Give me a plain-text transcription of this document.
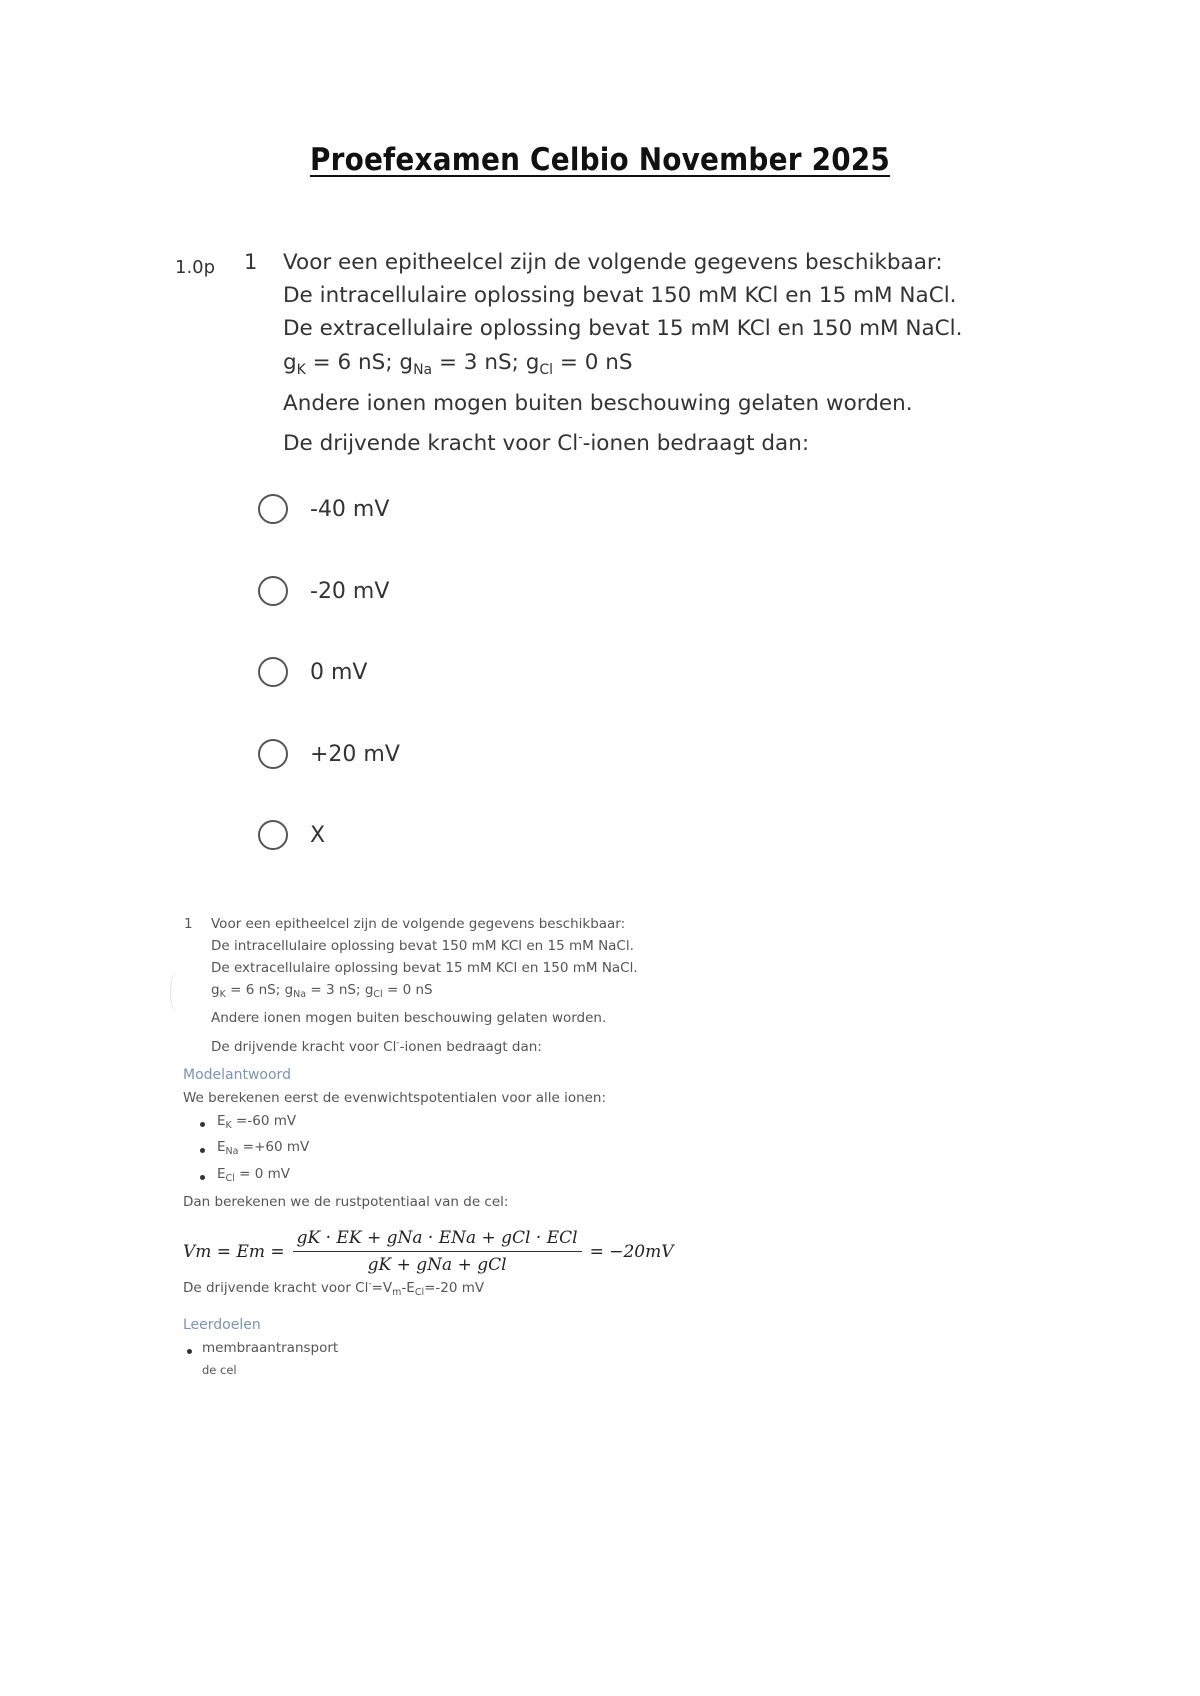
Proefexamen Celbio November 2025
1.0p 1 Voor een epitheelcel zijn de volgende gegevens beschikbaar:
De intracellulaire oplossing bevat 150 mM KCl en 15 mM NaCl.
De extracellulaire oplossing bevat 15 mM KCl en 150 mM NaCl.
$g_K = 6$ nS; $g_{Na} = 3$ nS; $g_{Cl} = 0$ nS
Andere ionen mogen buiten beschouwing gelaten worden.
De drijvende kracht voor Cl--ionen bedraagt dan:
-40 mV
-20 mV
0 mV
+20 mV
X
1 Voor een epitheelcel zijn de volgende gegevens beschikbaar:
De intracellulaire oplossing bevat 150 mM KCl en 15 mM NaCl.
De extracellulaire oplossing bevat 15 mM KCl en 150 mM NaCl.
$g_K = 6$ nS; $g_{Na} = 3$ nS; $g_{Cl} = 0$ nS
Andere ionen mogen buiten beschouwing gelaten worden.
De drijvende kracht voor Cl--ionen bedraagt dan:
Modelantwoord
We berekenen eerst de evenwichtspotentialen voor alle ionen:
$E_K =-60$ mV
$E_{Na} =+60$ mV
$E_{Cl} = 0$ mV
Dan berekenen we de rustpotentiaal van de cel:
$Vm = Em = \frac{\text{gK · EK + gNa · ENa + gCl · ECl}}{\text{gK + gNa + gCl}} = -20mV$
De drijvende kracht voor $Cl^-=V_m-E_{Cl}=-20$ mV
Leerdoelen
membraantransport
de cel
